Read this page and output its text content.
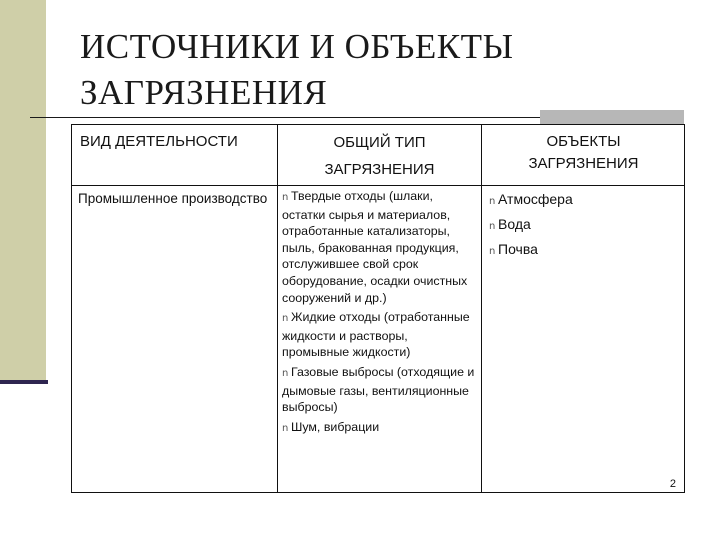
ИСТОЧНИКИ И ОБЪЕКТЫ
ЗАГРЯЗНЕНИЯ
ВИД ДЕЯТЕЛЬНОСТИ	ОБЩИЙ ТИП
ЗАГРЯЗНЕНИЯ
ОБЪЕКТЫ
ЗАГРЯЗНЕНИЯ
Промышленное производство n Твердые отходы (шлаки, остатки сырья и материалов, отработанные катализаторы, пыль, бракованная продукция, отслужившее свой срок оборудование, осадки очистных сооружений и др.)
n Жидкие отходы (отработанные жидкости и растворы, промывные жидкости)
n Газовые выбросы (отходящие и дымовые газы, вентиляционные выбросы)
n Шум, вибрации
n Атмосфера
n Вода
n Почва
2
